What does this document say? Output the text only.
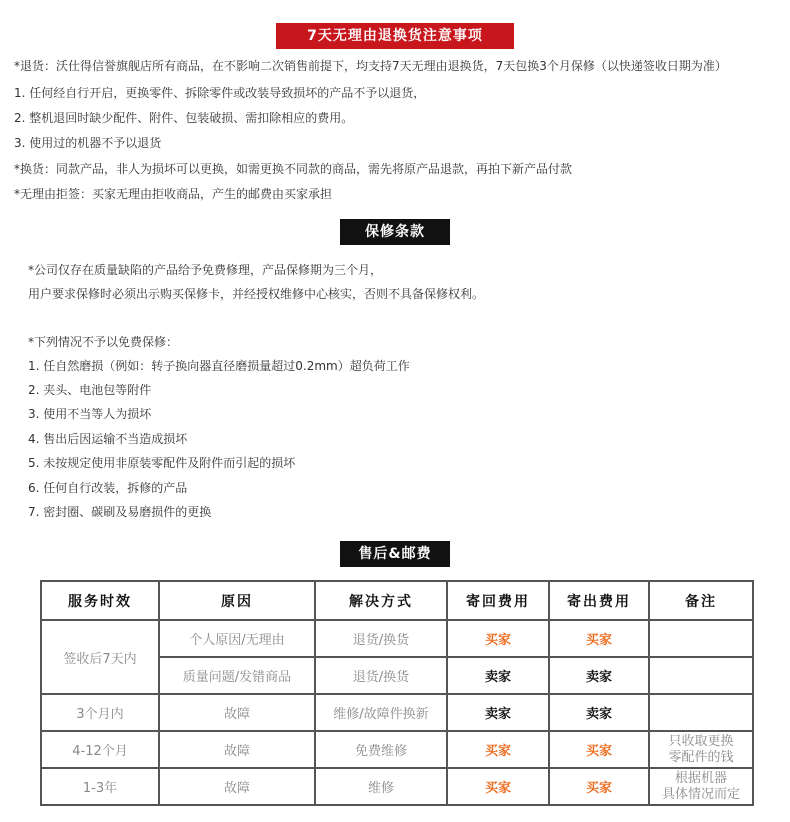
7天无理由退换货注意事项
*退货：沃仕得信誉旗舰店所有商品，在不影响二次销售前提下，均支持7天无理由退换货，7天包换3个月保修（以快递签收日期为准）
1. 任何经自行开启，更换零件、拆除零件或改装导致损坏的产品不予以退货，
2. 整机退回时缺少配件、附件、包装破损、需扣除相应的费用。
3. 使用过的机器不予以退货
*换货：同款产品，非人为损坏可以更换，如需更换不同款的商品，需先将原产品退款，再拍下新产品付款
*无理由拒签：买家无理由拒收商品，产生的邮费由买家承担
保修条款
*公司仅存在质量缺陷的产品给予免费修理，产品保修期为三个月，
用户要求保修时必须出示购买保修卡，并经授权维修中心核实，否则不具备保修权利。
*下列情况不予以免费保修：
1. 任自然磨损（例如：转子换向器直径磨损量超过0.2mm）超负荷工作
2. 夹头、电池包等附件
3. 使用不当等人为损坏
4. 售出后因运输不当造成损坏
5. 未按规定使用非原装零配件及附件而引起的损坏
6. 任何自行改装，拆修的产品
7. 密封圈、碳刷及易磨损件的更换
售后&邮费
服务时效	原因	解决方式	寄回费用	寄出费用	备注
签收后7天内	个人原因/无理由	退货/换货	买家	买家	
	质量问题/发错商品	退货/换货	卖家	卖家	
3个月内	故障	维修/故障件换新	卖家	卖家	
4-12个月	故障	免费维修	买家	买家	只收取更换
零配件的钱

1-3年	故障	维修	买家	买家	根据机器
具体情况而定
